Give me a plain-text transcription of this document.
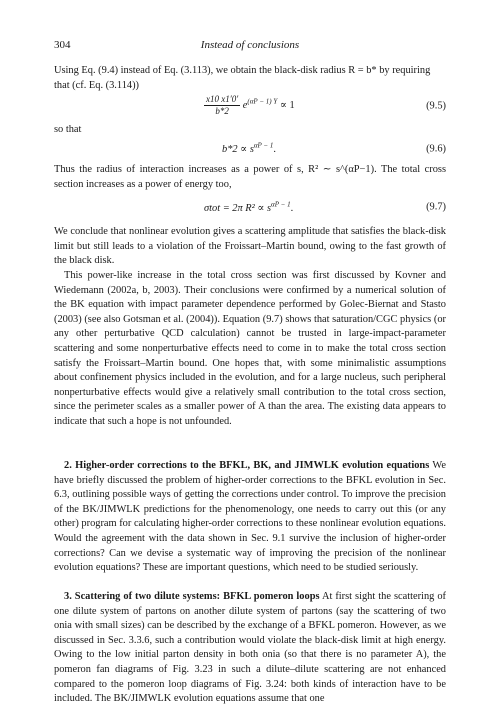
304	Instead of conclusions
Using Eq. (9.4) instead of Eq. (3.113), we obtain the black-disk radius R = b* by requiring
that (cf. Eq. (3.114))
$\frac{x10 x1'0'}{b*2} e^{(\alpha P - 1) Y} \propto 1$	(9.5)
so that
$b*2 \propto s^{\alpha P - 1}$.	(9.6)
Thus the radius of interaction increases as a power of s, R² ∼ s^(αP−1). The total cross section increases as a power of energy too,
σtot = 2π $R^2 \propto s^{\alpha P - 1}$.	(9.7)
We conclude that nonlinear evolution gives a scattering amplitude that satisfies the black-disk limit but still leads to a violation of the Froissart–Martin bound, owing to the fast growth of the black disk.
This power-like increase in the total cross section was first discussed by Kovner and Wiedemann (2002a, b, 2003). Their conclusions were confirmed by a numerical solution of the BK equation with impact parameter dependence performed by Golec-Biernat and Stasto (2003) (see also Gotsman et al. (2004)). Equation (9.7) shows that saturation/CGC physics (or any other perturbative QCD calculation) cannot be trusted in large-impact-parameter scattering and some nonperturbative effects need to come in to make the total cross section satisfy the Froissart–Martin bound. One hopes that, with some minimalistic assumptions about confinement physics included in the evolution, and for a large nucleus, such peripheral nonperturbative effects would give a relatively small contribution to the total cross section, since the perimeter scales as a smaller power of A than the area. The existing data appears to indicate that such a hope is not unfounded.
2. Higher-order corrections to the BFKL, BK, and JIMWLK evolution equations We have briefly discussed the problem of higher-order corrections to the BFKL evolution in Sec. 6.3, outlining possible ways of getting the corrections under control. To improve the precision of the BK/JIMWLK predictions for the phenomenology, one needs to carry out this (or any other) program for calculating higher-order corrections to these nonlinear evolution equations. Would the agreement with the data shown in Sec. 9.1 survive the inclusion of higher-order corrections? Can we devise a systematic way of improving the precision of the nonlinear evolution equations? These are important questions, which need to be studied seriously.
3. Scattering of two dilute systems: BFKL pomeron loops At first sight the scattering of one dilute system of partons on another dilute system of partons (say the scattering of two onia with small sizes) can be described by the exchange of a BFKL pomeron. However, as we discussed in Sec. 3.3.6, such a contribution would violate the black-disk limit at high energy. Owing to the low initial parton density in both onia (so that there is no parameter A), the pomeron fan diagrams of Fig. 3.23 in such a dilute–dilute scattering are not enhanced compared to the pomeron loop diagrams of Fig. 3.24: both kinds of interaction have to be included. The BK/JIMWLK evolution equations assume that one
